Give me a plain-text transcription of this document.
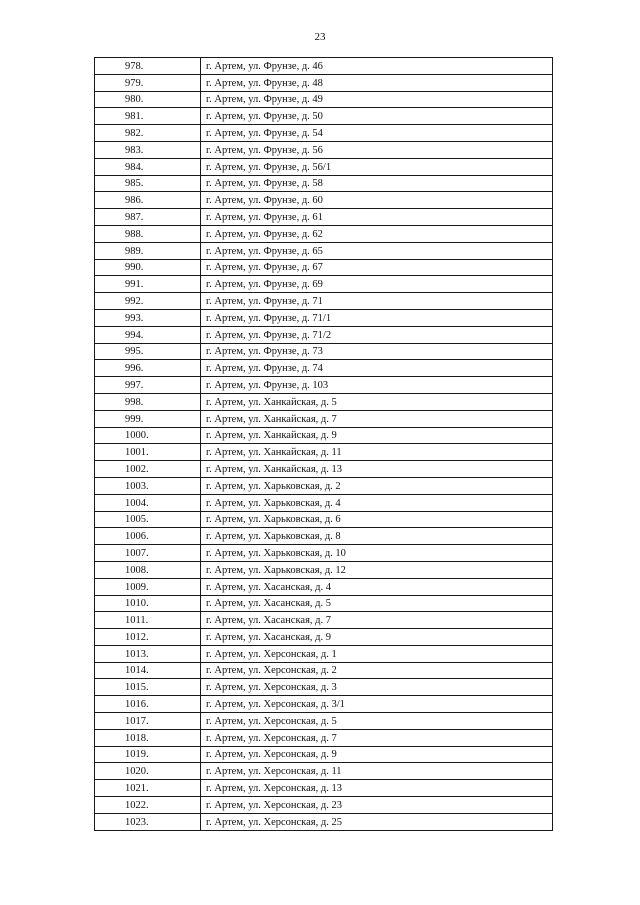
23
978.	г. Артем, ул. Фрунзе, д. 46
979.	г. Артем, ул. Фрунзе, д. 48
980.	г. Артем, ул. Фрунзе, д. 49
981.	г. Артем, ул. Фрунзе, д. 50
982.	г. Артем, ул. Фрунзе, д. 54
983.	г. Артем, ул. Фрунзе, д. 56
984.	г. Артем, ул. Фрунзе, д. 56/1
985.	г. Артем, ул. Фрунзе, д. 58
986.	г. Артем, ул. Фрунзе, д. 60
987.	г. Артем, ул. Фрунзе, д. 61
988.	г. Артем, ул. Фрунзе, д. 62
989.	г. Артем, ул. Фрунзе, д. 65
990.	г. Артем, ул. Фрунзе, д. 67
991.	г. Артем, ул. Фрунзе, д. 69
992.	г. Артем, ул. Фрунзе, д. 71
993.	г. Артем, ул. Фрунзе, д. 71/1
994.	г. Артем, ул. Фрунзе, д. 71/2
995.	г. Артем, ул. Фрунзе, д. 73
996.	г. Артем, ул. Фрунзе, д. 74
997.	г. Артем, ул. Фрунзе, д. 103
998.	г. Артем, ул. Ханкайская, д. 5
999.	г. Артем, ул. Ханкайская, д. 7
1000.	г. Артем, ул. Ханкайская, д. 9
1001.	г. Артем, ул. Ханкайская, д. 11
1002.	г. Артем, ул. Ханкайская, д. 13
1003.	г. Артем, ул. Харьковская, д. 2
1004.	г. Артем, ул. Харьковская, д. 4
1005.	г. Артем, ул. Харьковская, д. 6
1006.	г. Артем, ул. Харьковская, д. 8
1007.	г. Артем, ул. Харьковская, д. 10
1008.	г. Артем, ул. Харьковская, д. 12
1009.	г. Артем, ул. Хасанская, д. 4
1010.	г. Артем, ул. Хасанская, д. 5
1011.	г. Артем, ул. Хасанская, д. 7
1012.	г. Артем, ул. Хасанская, д. 9
1013.	г. Артем, ул. Херсонская, д. 1
1014.	г. Артем, ул. Херсонская, д. 2
1015.	г. Артем, ул. Херсонская, д. 3
1016.	г. Артем, ул. Херсонская, д. 3/1
1017.	г. Артем, ул. Херсонская, д. 5
1018.	г. Артем, ул. Херсонская, д. 7
1019.	г. Артем, ул. Херсонская, д. 9
1020.	г. Артем, ул. Херсонская, д. 11
1021.	г. Артем, ул. Херсонская, д. 13
1022.	г. Артем, ул. Херсонская, д. 23
1023.	г. Артем, ул. Херсонская, д. 25
